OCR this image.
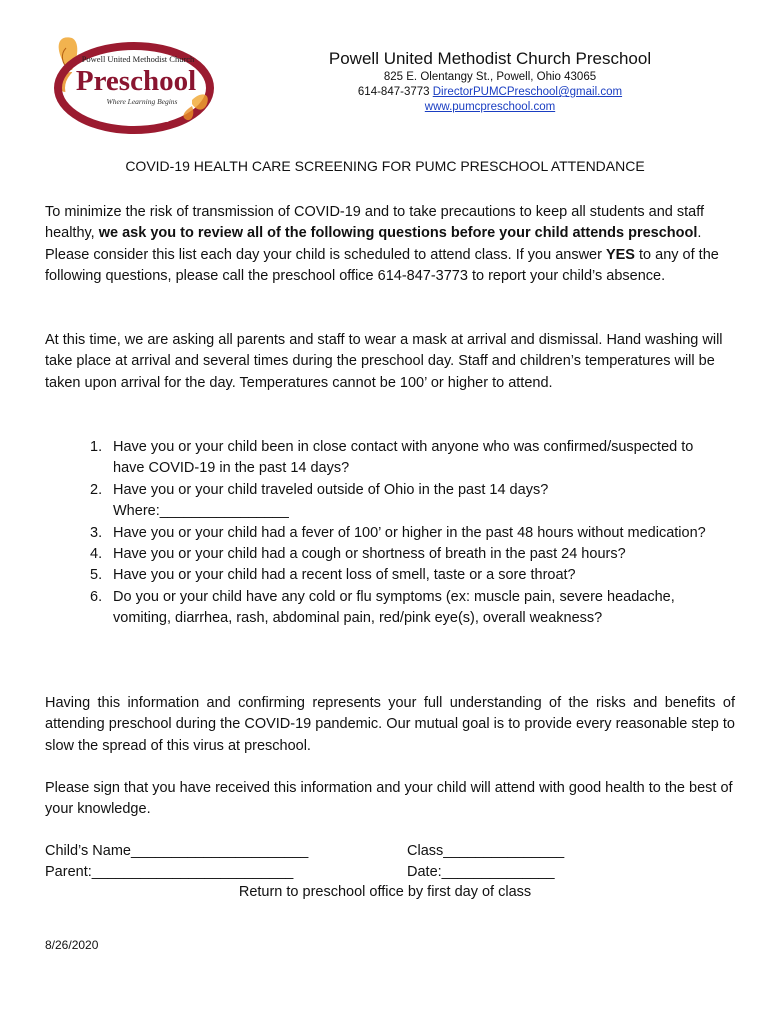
Powell United Methodist Church
Preschool
Where Learning Begins
Est. 1989
Powell United Methodist Church Preschool
825 E. Olentangy St., Powell, Ohio 43065
614-847-3773 DirectorPUMCPreschool@gmail.com
www.pumcpreschool.com
COVID-19 HEALTH CARE SCREENING FOR PUMC PRESCHOOL ATTENDANCE
To minimize the risk of transmission of COVID-19 and to take precautions to keep all students and staff healthy, we ask you to review all of the following questions before your child attends preschool. Please consider this list each day your child is scheduled to attend class. If you answer YES to any of the following questions, please call the preschool office 614-847-3773 to report your child’s absence.
At this time, we are asking all parents and staff to wear a mask at arrival and dismissal. Hand washing will take place at arrival and several times during the preschool day. Staff and children’s temperatures will be taken upon arrival for the day. Temperatures cannot be 100’ or higher to attend.
1. Have you or your child been in close contact with anyone who was confirmed/suspected to have COVID-19 in the past 14 days?
2. Have you or your child traveled outside of Ohio in the past 14 days?
Where:________________
3. Have you or your child had a fever of 100’ or higher in the past 48 hours without medication?
4. Have you or your child had a cough or shortness of breath in the past 24 hours?
5. Have you or your child had a recent loss of smell, taste or a sore throat?
6. Do you or your child have any cold or flu symptoms (ex: muscle pain, severe headache, vomiting, diarrhea, rash, abdominal pain, red/pink eye(s), overall weakness?
Having this information and confirming represents your full understanding of the risks and benefits of attending preschool during the COVID-19 pandemic. Our mutual goal is to provide every reasonable step to slow the spread of this virus at preschool.
Please sign that you have received this information and your child will attend with good health to the best of your knowledge.
Child’s Name______________________	Class_______________
Parent:_________________________	Date:______________
Return to preschool office by first day of class
8/26/2020
